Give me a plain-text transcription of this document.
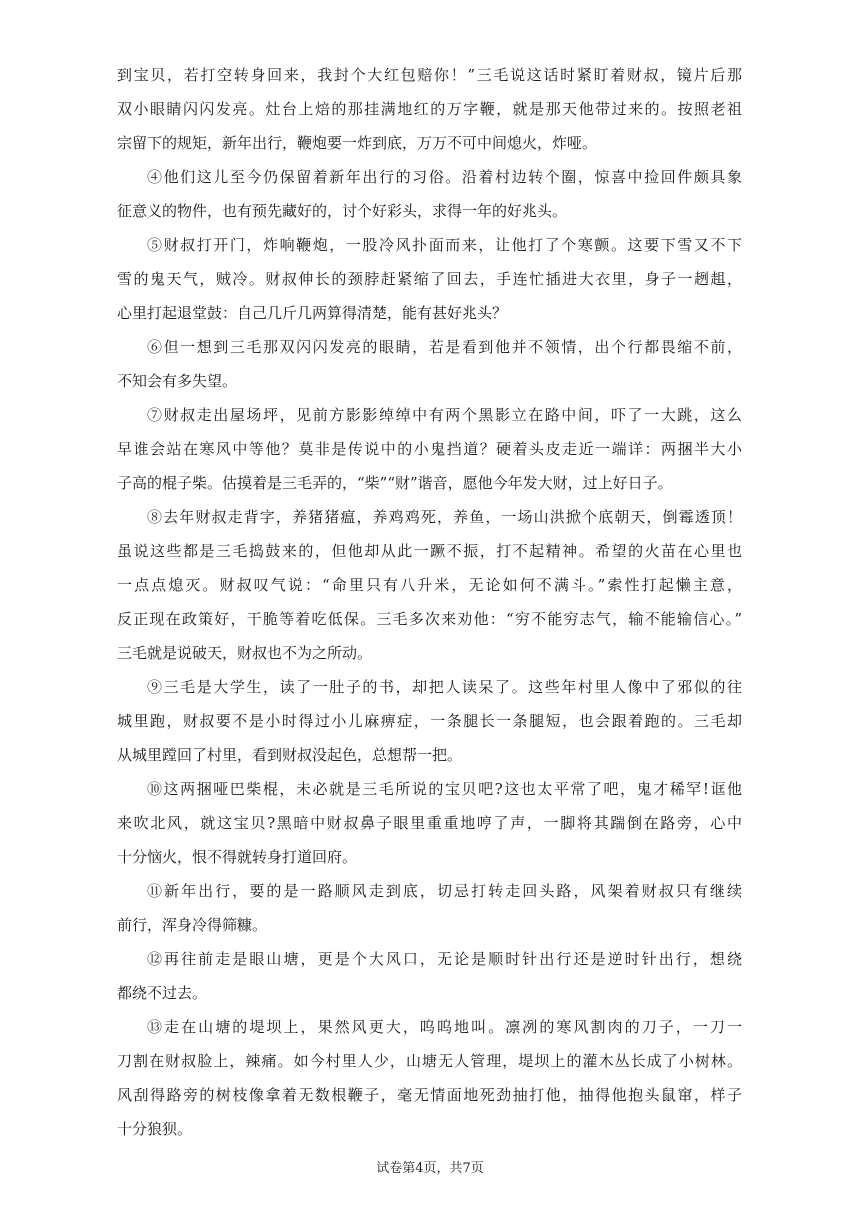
到宝贝，若打空转身回来，我封个大红包赔你！”三毛说这话时紧盯着财叔，镜片后那
双小眼睛闪闪发亮。灶台上焙的那挂满地红的万字鞭，就是那天他带过来的。按照老祖
宗留下的规矩，新年出行，鞭炮要一炸到底，万万不可中间熄火，炸哑。
④他们这儿至今仍保留着新年出行的习俗。沿着村边转个圈，惊喜中捡回件颇具象
征意义的物件，也有预先藏好的，讨个好彩头，求得一年的好兆头。
⑤财叔打开门，炸响鞭炮，一股冷风扑面而来，让他打了个寒颤。这要下雪又不下
雪的鬼天气，贼冷。财叔伸长的颈脖赶紧缩了回去，手连忙插进大衣里，身子一趔趄，
心里打起退堂鼓：自己几斤几两算得清楚，能有甚好兆头？
⑥但一想到三毛那双闪闪发亮的眼睛，若是看到他并不领情，出个行都畏缩不前，
不知会有多失望。
⑦财叔走出屋场坪，见前方影影绰绰中有两个黑影立在路中间，吓了一大跳，这么
早谁会站在寒风中等他？莫非是传说中的小鬼挡道？硬着头皮走近一端详：两捆半大小
子高的棍子柴。估摸着是三毛弄的，“柴”“财”谐音，愿他今年发大财，过上好日子。
⑧去年财叔走背字，养猪猪瘟，养鸡鸡死，养鱼，一场山洪掀个底朝天，倒霉透顶！
虽说这些都是三毛捣鼓来的，但他却从此一蹶不振，打不起精神。希望的火苗在心里也
一点点熄灭。财叔叹气说：“命里只有八升米，无论如何不满斗。”索性打起懒主意，
反正现在政策好，干脆等着吃低保。三毛多次来劝他：“穷不能穷志气，输不能输信心。”
三毛就是说破天，财叔也不为之所动。
⑨三毛是大学生，读了一肚子的书，却把人读呆了。这些年村里人像中了邪似的往
城里跑，财叔要不是小时得过小儿麻痹症，一条腿长一条腿短，也会跟着跑的。三毛却
从城里蹚回了村里，看到财叔没起色，总想帮一把。
⑩这两捆哑巴柴棍，未必就是三毛所说的宝贝吧?这也太平常了吧，鬼才稀罕!诓他
来吹北风，就这宝贝?黑暗中财叔鼻子眼里重重地哼了声，一脚将其踹倒在路旁，心中
十分恼火，恨不得就转身打道回府。
⑪新年出行，要的是一路顺风走到底，切忌打转走回头路，风架着财叔只有继续
前行，浑身冷得筛糠。
⑫再往前走是眼山塘，更是个大风口，无论是顺时针出行还是逆时针出行，想绕
都绕不过去。
⑬走在山塘的堤坝上，果然风更大，呜呜地叫。凛冽的寒风割肉的刀子，一刀一
刀割在财叔脸上，辣痛。如今村里人少，山塘无人管理，堤坝上的灌木丛长成了小树林。
风刮得路旁的树枝像拿着无数根鞭子，毫无情面地死劲抽打他，抽得他抱头鼠窜，样子
十分狼狈。
试卷第4页，共7页
